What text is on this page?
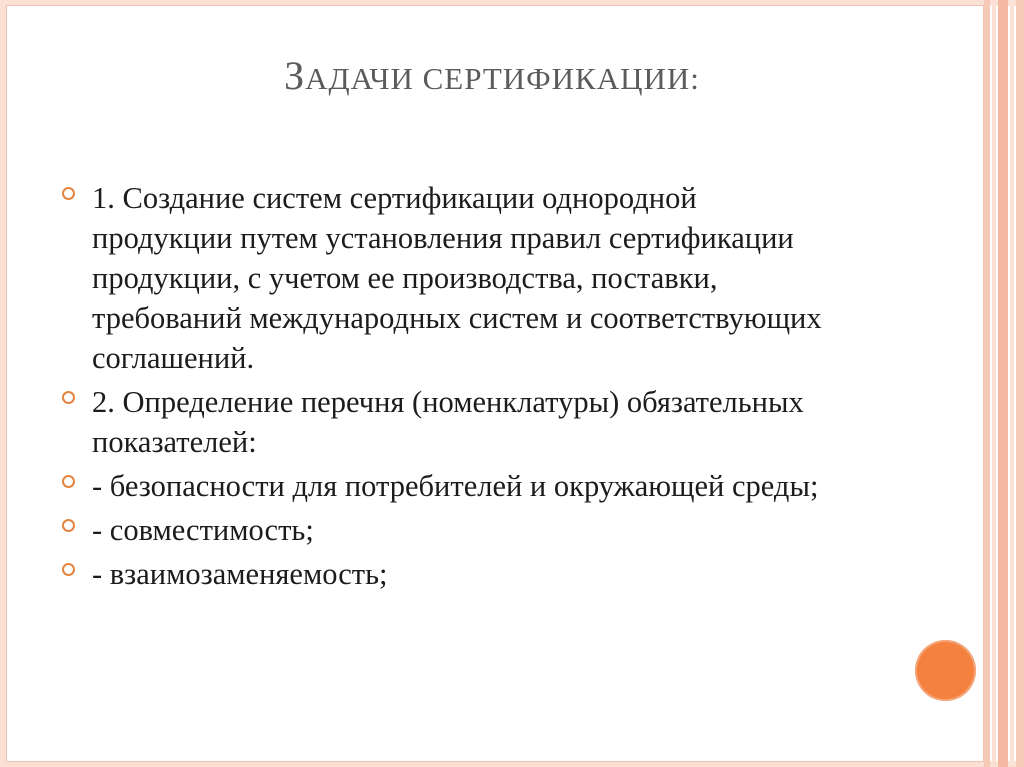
ЗАДАЧИ СЕРТИФИКАЦИИ:
1. Создание систем сертификации однородной продукции путем установления правил сертификации продукции, с учетом ее производства, поставки, требований международных систем и соответствующих соглашений.
2. Определение перечня (номенклатуры) обязательных показателей:
- безопасности для потребителей и окружающей среды;
- совместимость;
- взаимозаменяемость;
